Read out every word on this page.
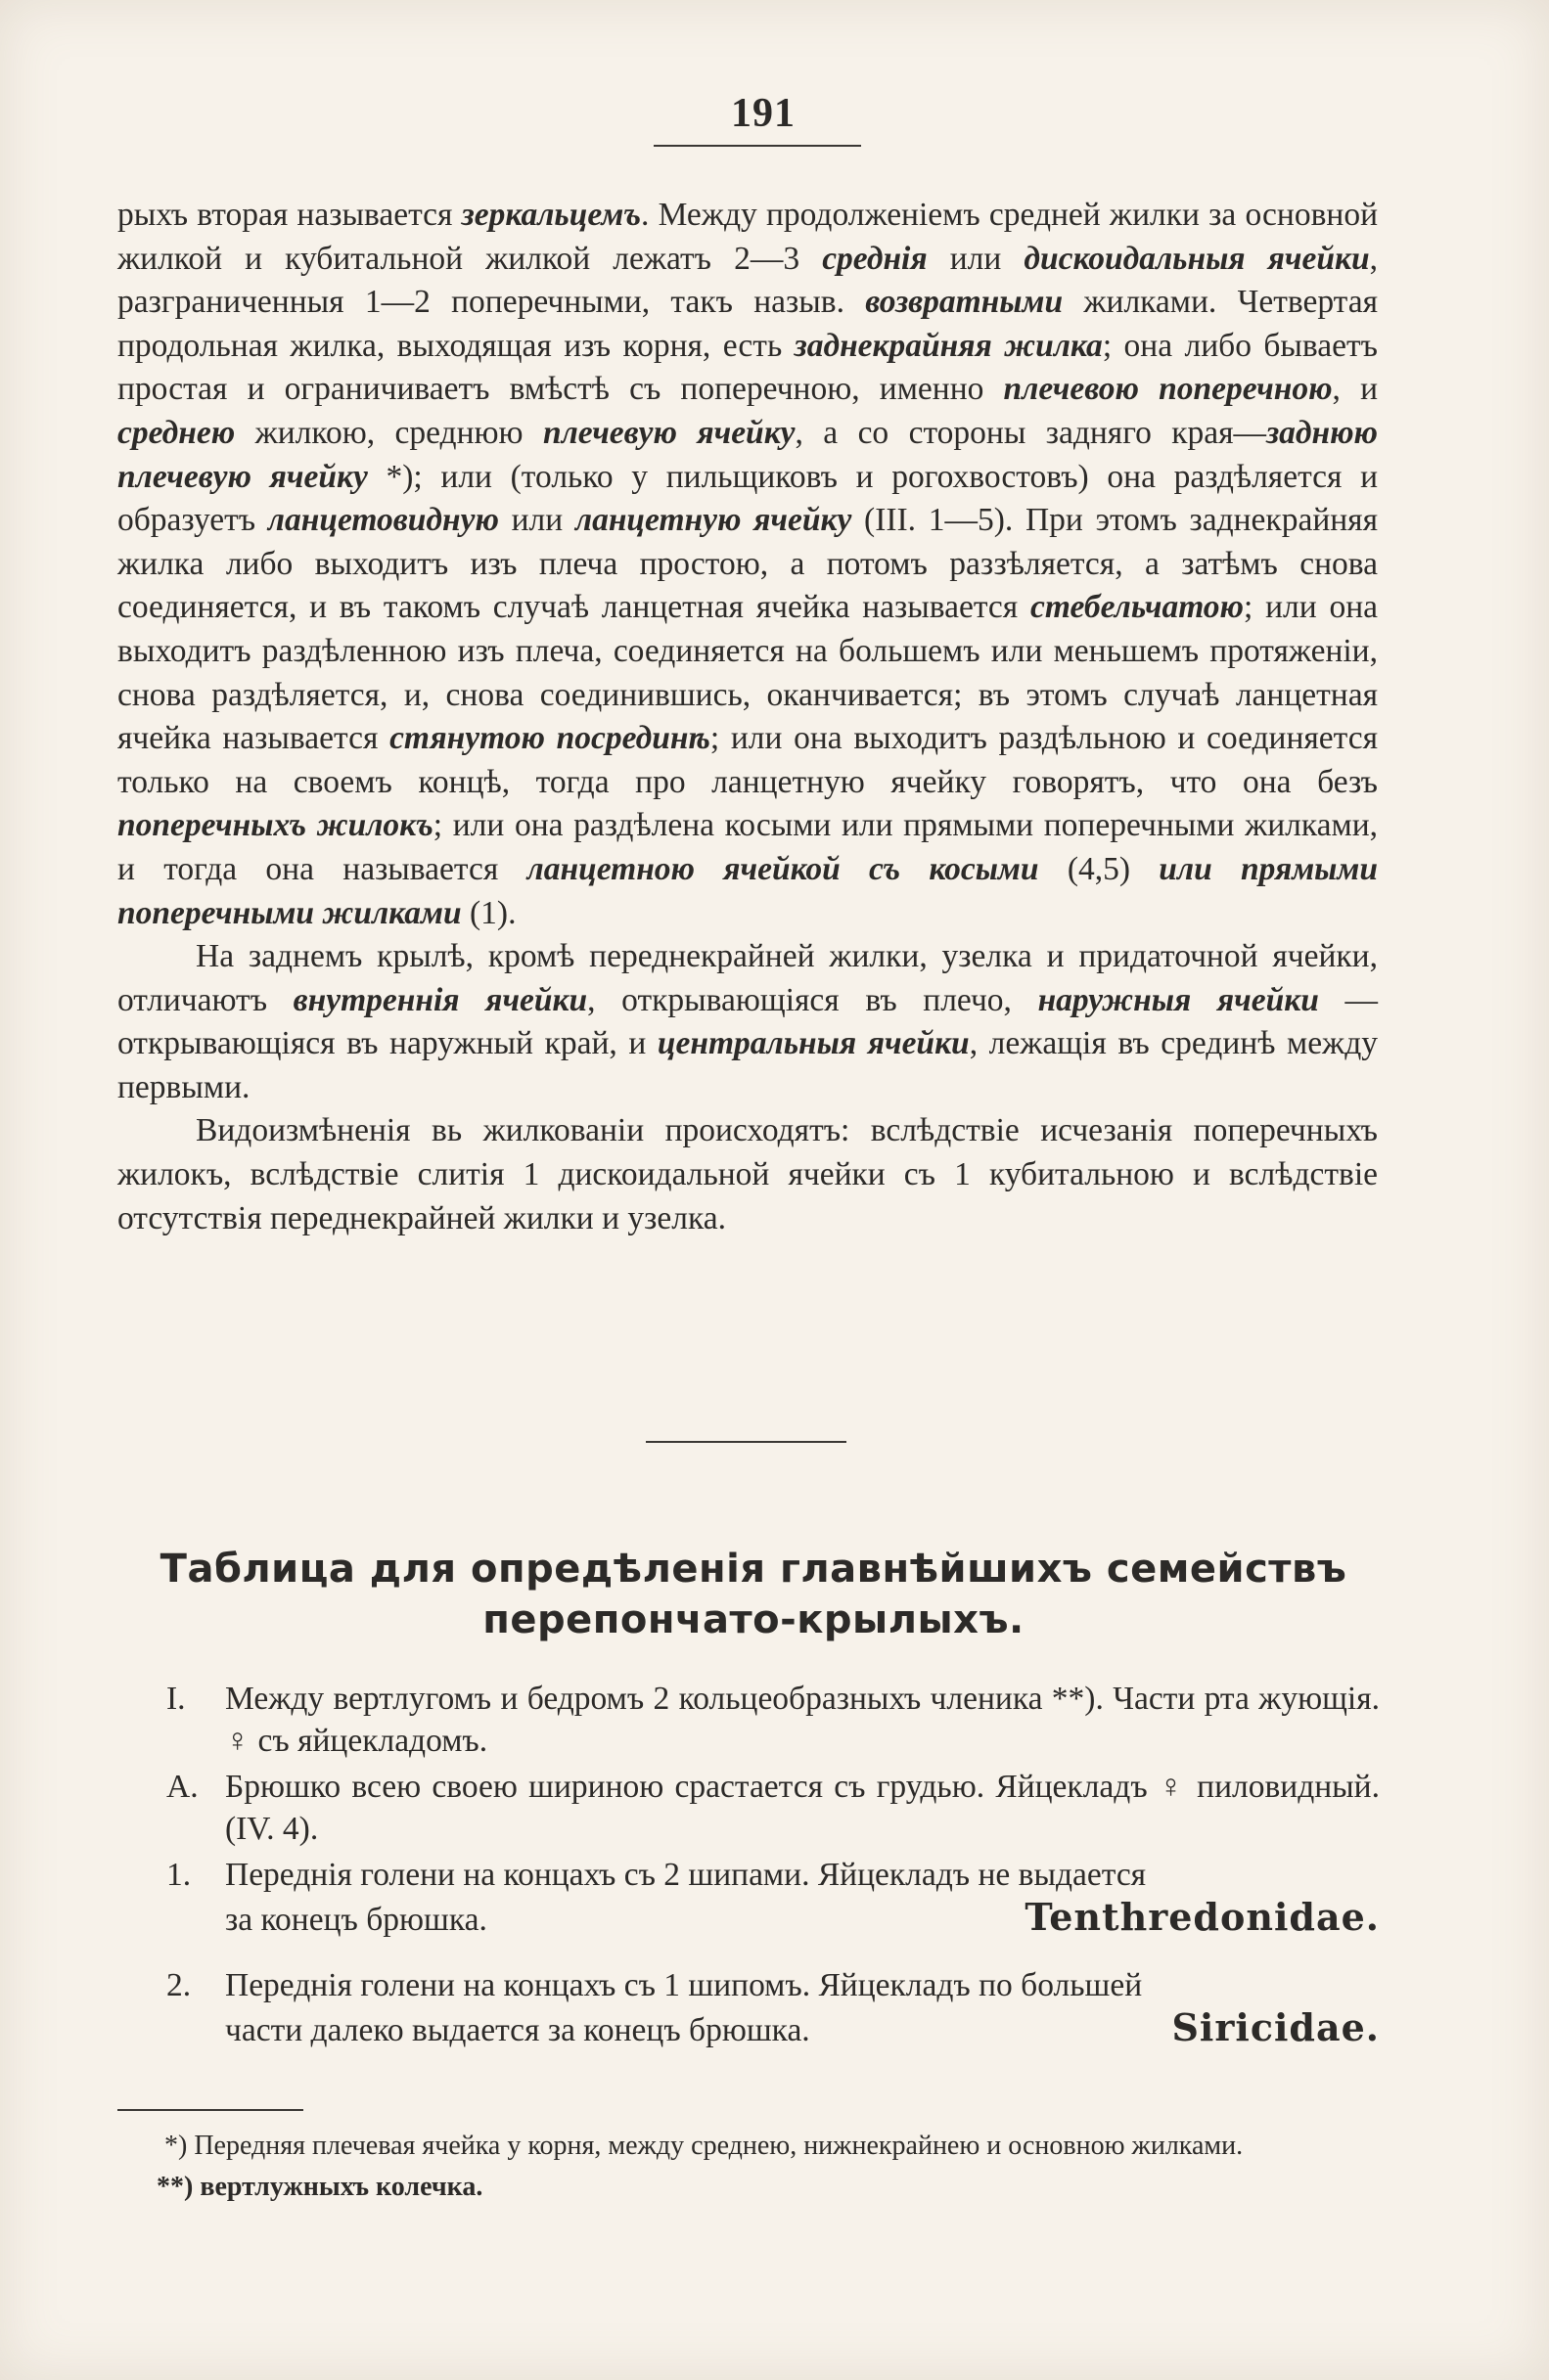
191

рыхъ вторая называется зеркальцемъ. Между продолженіемъ средней жилки за основной жилкой и кубитальной жилкой лежатъ 2—3 среднія или дискоидальныя ячейки, разграниченныя 1—2 поперечными, такъ назыв. возвратными жилками. Четвертая продольная жилка, выходящая изъ корня, есть заднекрайняя жилка; она либо бываетъ простая и ограничиваетъ вмѣстѣ съ поперечною, именно плечевою поперечною, и среднею жилкою, среднюю плечевую ячейку, а со стороны задняго края—заднюю плечевую ячейку *); или (только у пильщиковъ и рогохвостовъ) она раздѣляется и образуетъ ланцетовидную или ланцетную ячейку (III. 1—5). При этомъ заднекрайняя жилка либо выходитъ изъ плеча простою, а потомъ раззѣляется, а затѣмъ снова соединяется, и въ такомъ случаѣ ланцетная ячейка называется стебельчатою; или она выходитъ раздѣленною изъ плеча, соединяется на большемъ или меньшемъ протяженіи, снова раздѣляется, и, снова соединившись, оканчивается; въ этомъ случаѣ ланцетная ячейка называется стянутою посрединѣ; или она выходитъ раздѣльною и соединяется только на своемъ концѣ, тогда про ланцетную ячейку говорятъ, что она безъ поперечныхъ жилокъ; или она раздѣлена косыми или прямыми поперечными жилками, и тогда она называется ланцетною ячейкой съ косыми (4,5) или прямыми поперечными жилками (1).

На заднемъ крылѣ, кромѣ переднекрайней жилки, узелка и придаточной ячейки, отличаютъ внутреннія ячейки, открывающіяся въ плечо, наружныя ячейки — открывающіяся въ наружный край, и центральныя ячейки, лежащія въ срединѣ между первыми.

Видоизмѣненія вь жилкованіи происходятъ: вслѣдствіе исчезанія поперечныхъ жилокъ, вслѣдствіе слитія 1 дискоидальной ячейки съ 1 кубитальною и вслѣдствіе отсутствія переднекрайней жилки и узелка.

Таблица для опредѣленія главнѣйшихъ семействъ
перепончато-крылыхъ.
I.	Между вертлугомъ и бедромъ 2 кольцеобразныхъ членика **). Части рта жующія. ♀ съ яйцекладомъ.
A. Брюшко всею своею шириною срастается съ грудью. Яйцекладъ ♀ пиловидный. (IV. 4).
1.	Переднія голени на концахъ съ 2 шипами. Яйцекладъ не выдается
за конецъ брюшка.	Tenthredonidae.
2.	Переднія голени на концахъ съ 1 шипомъ. Яйцекладъ по большей
части далеко выдается за конецъ брюшка.	Siricidae.

*) Передняя плечевая ячейка у корня, между среднею, нижнекрайнею и основною жилками.

**) вертлужныхъ колечка.
